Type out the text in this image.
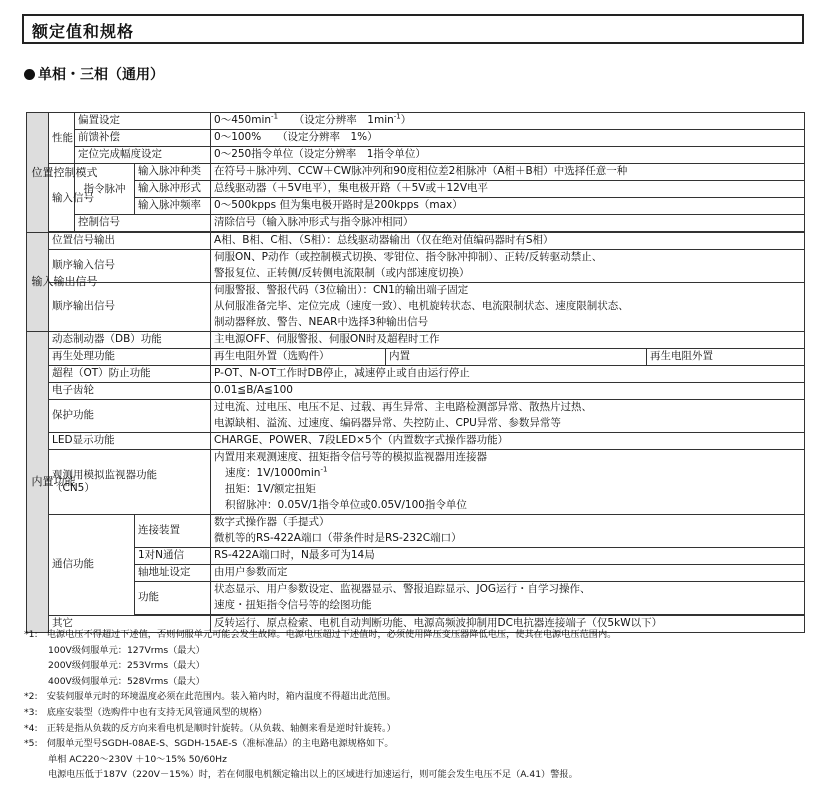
额定值和规格
单相・三相（通用）
位置控制模式	性能	偏置设定		$0\sim 450\min^{-1}$　　 （设定分辨率　$1\min^{-1}$）		
		前馈补偿		0～100%　　（设定分辨率　1%）		
		定位完成幅度设定		0～250指令单位（设定分辨率　1指令单位）		
	输入信号	指令脉冲	输入脉冲种类	在符号＋脉冲列、CCW＋CW脉冲列和90度相位差2相脉冲（A相＋B相）中选择任意一种		
			输入脉冲形式	总线驱动器（＋5V电平），集电极开路（＋5V或＋12V电平		
			输入脉冲频率	0～500kpps 但为集电极开路时是200kpps（max）		
		控制信号		清除信号（输入脉冲形式与指令脉冲相同）		

输入输出信号	位置信号输出			A相、B相、C相、（S相）：总线驱动器输出（仅在绝对值编码器时有S相）		
	顺序输入信号			伺服ON、P动作（或控制模式切换、零钳位、指令脉冲抑制）、正转/反转驱动禁止、		
				警报复位、正转侧/反转侧电流限制（或内部速度切换）		
	顺序输出信号			伺服警报、警报代码（3位输出）：CN1的输出端子固定		
				从伺服准备完毕、定位完成（速度一致）、电机旋转状态、电流限制状态、速度限制状态、		
				制动器释放、警告、NEAR中选择3种输出信号		

内置功能	动态制动器（DB）功能			主电源OFF、伺服警报、伺服ON时及超程时工作		
	再生处理功能			再生电阻外置（选购件）	内置	再生电阻外置
	超程（OT）防止功能			P-OT、N-OT工作时DB停止，减速停止或自由运行停止		
	电子齿轮			0.01≦B/A≦100		
	保护功能			过电流、过电压、电压不足、过载、再生异常、主电路检测部异常、散热片过热、		
				电源缺相、溢流、过速度、编码器异常、失控防止、CPU异常、参数异常等		
	LED显示功能			CHARGE、POWER、7段LED×5个（内置数字式操作器功能）		

	观测用模拟监视器功能
（CN5）			内置用来观测速度、扭矩指令信号等的模拟监视器用连接器		
				速度：$1V/1000\min^{-1}$
				扭矩：1V/额定扭矩		
				积留脉冲：0.05V/1指令单位或0.05V/100指令单位		
	通信功能		连接装置	数字式操作器（手提式）		
				微机等的RS-422A端口（带条件时是RS-232C端口）		
			1对N通信	RS-422A端口时，N最多可为14局		
			轴地址设定	由用户参数而定		
			功能	状态显示、用户参数设定、监视器显示、警报追踪显示、JOG运行・自学习操作、		
				速度・扭矩指令信号等的绘图功能		

	其它			反转运行、原点检索、电机自动判断功能、电源高频波抑制用DC电抗器连接端子（仅5kW以下）		
*1:　电源电压不得超过下述值，否则伺服单元可能会发生故障。电源电压超过下述值时，必须使用降压变压器降低电压，使其在电源电压范围内。
100V级伺服单元：127Vrms（最大）
200V级伺服单元：253Vrms（最大）
400V级伺服单元：528Vrms（最大）
*2:　安装伺服单元时的环境温度必须在此范围内。装入箱内时，箱内温度不得超出此范围。
*3:　底座安装型（选购件中也有支持无风管通风型的规格）
*4:　正转是指从负载的反方向来看电机是顺时针旋转。（从负载、轴侧来看是逆时针旋转。）
*5:　伺服单元型号SGDH-08AE-S、SGDH-15AE-S（准标准品）的主电路电源规格如下。
单相 AC220～230V ＋10～15% 50/60Hz
电源电压低于187V（220V－15%）时，若在伺服电机额定输出以上的区域进行加速运行，则可能会发生电压不足（A.41）警报。
